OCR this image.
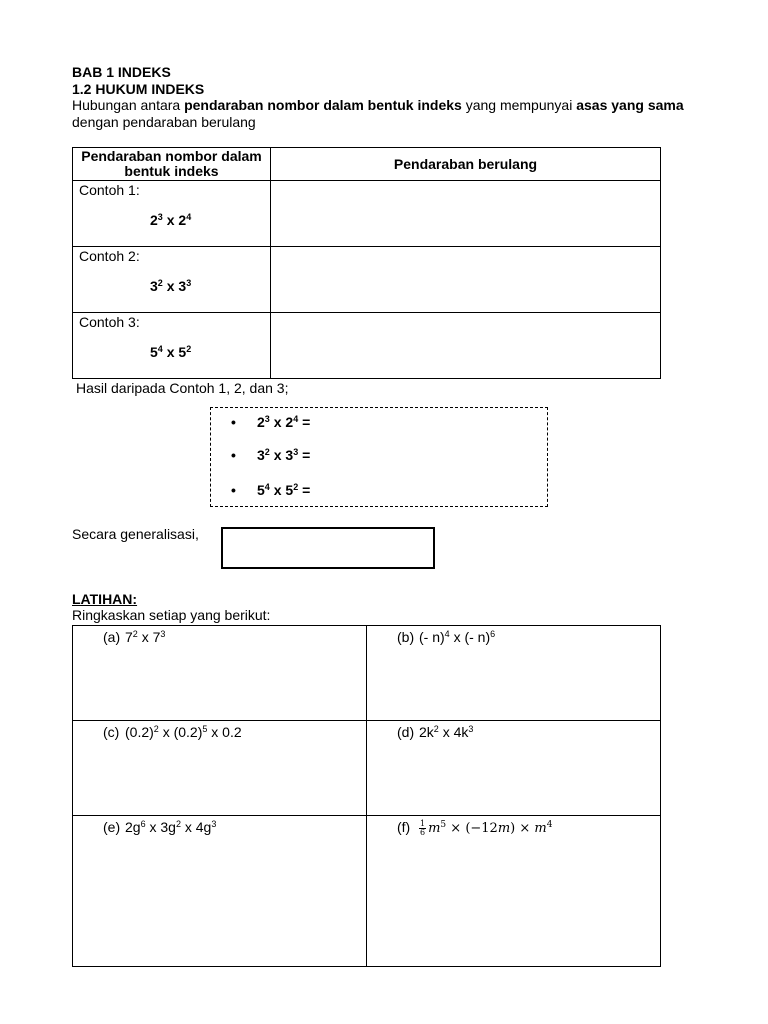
BAB 1 INDEKS
1.2 HUKUM INDEKS
Hubungan antara pendaraban nombor dalam bentuk indeks yang mempunyai asas yang sama
dengan pendaraban berulang
Pendaraban nombor dalam
bentuk indeks	Pendaraban berulang

Contoh 1:
$2^3$ x $2^4$

Contoh 2:
$3^2$ x $3^3$

Contoh 3:
$5^4$ x $5^2$

Hasil daripada Contoh 1, 2, dan 3;
• $2^3$ x $2^4$ =
• $3^2$ x $3^3$ =
• $5^4$ x $5^2$ =
Secara generalisasi,
LATIHAN:
Ringkaskan setiap yang berikut:
(a) $7^2$ x $7^3$	(b) (- n)$^4$ x (- n)$^6$

(c) $(0.2)^2$ x $(0.2)^5$ x 0.2	(d) $2k^2$ x $4k^3$

(e) $2g^6$ x $3g^2$ x $4g^3$	$(f) \frac{1}{6} m^5 \times (-12m) \times m^4$
